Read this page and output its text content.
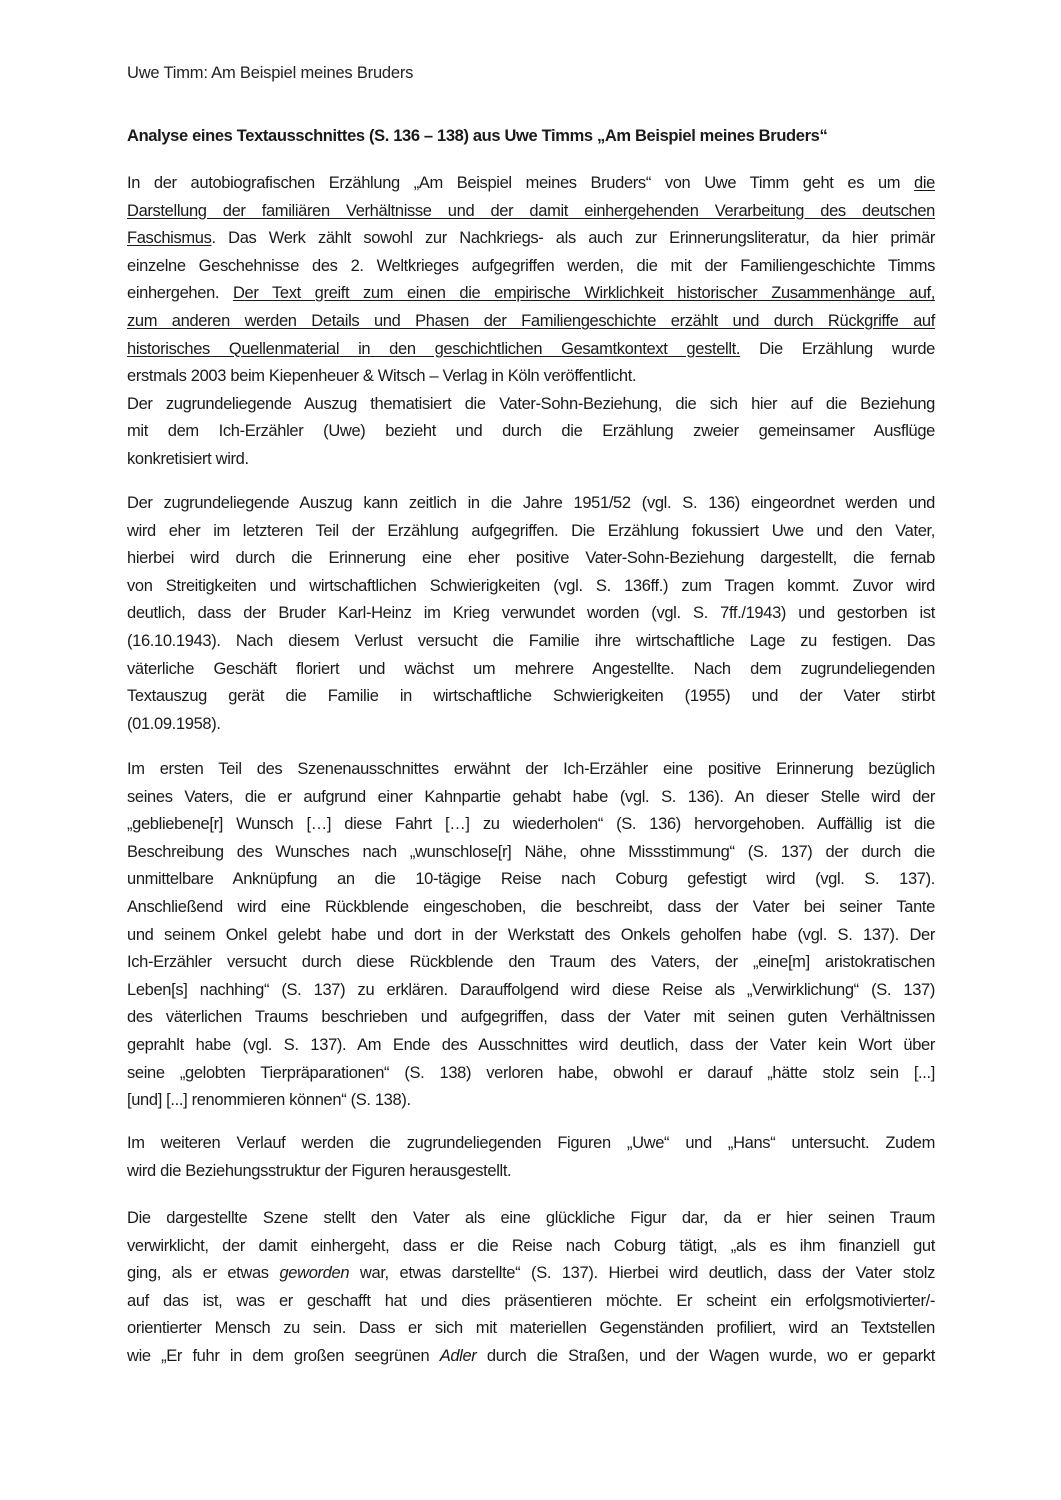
Uwe Timm: Am Beispiel meines Bruders
Analyse eines Textausschnittes (S. 136 – 138) aus Uwe Timms „Am Beispiel meines Bruders“
In der autobiografischen Erzählung „Am Beispiel meines Bruders“ von Uwe Timm geht es um die
Darstellung der familiären Verhältnisse und der damit einhergehenden Verarbeitung des deutschen
Faschismus. Das Werk zählt sowohl zur Nachkriegs- als auch zur Erinnerungsliteratur, da hier primär
einzelne Geschehnisse des 2. Weltkrieges aufgegriffen werden, die mit der Familiengeschichte Timms
einhergehen. Der Text greift zum einen die empirische Wirklichkeit historischer Zusammenhänge auf,
zum anderen werden Details und Phasen der Familiengeschichte erzählt und durch Rückgriffe auf
historisches Quellenmaterial in den geschichtlichen Gesamtkontext gestellt. Die Erzählung wurde
erstmals 2003 beim Kiepenheuer & Witsch – Verlag in Köln veröffentlicht.
Der zugrundeliegende Auszug thematisiert die Vater-Sohn-Beziehung, die sich hier auf die Beziehung
mit dem Ich-Erzähler (Uwe) bezieht und durch die Erzählung zweier gemeinsamer Ausflüge
konkretisiert wird.
Der zugrundeliegende Auszug kann zeitlich in die Jahre 1951/52 (vgl. S. 136) eingeordnet werden und
wird eher im letzteren Teil der Erzählung aufgegriffen. Die Erzählung fokussiert Uwe und den Vater,
hierbei wird durch die Erinnerung eine eher positive Vater-Sohn-Beziehung dargestellt, die fernab
von Streitigkeiten und wirtschaftlichen Schwierigkeiten (vgl. S. 136ff.) zum Tragen kommt. Zuvor wird
deutlich, dass der Bruder Karl-Heinz im Krieg verwundet worden (vgl. S. 7ff./1943) und gestorben ist
(16.10.1943). Nach diesem Verlust versucht die Familie ihre wirtschaftliche Lage zu festigen. Das
väterliche Geschäft floriert und wächst um mehrere Angestellte. Nach dem zugrundeliegenden
Textauszug gerät die Familie in wirtschaftliche Schwierigkeiten (1955) und der Vater stirbt
(01.09.1958).
Im ersten Teil des Szenenausschnittes erwähnt der Ich-Erzähler eine positive Erinnerung bezüglich
seines Vaters, die er aufgrund einer Kahnpartie gehabt habe (vgl. S. 136). An dieser Stelle wird der
„gebliebene[r] Wunsch […] diese Fahrt […] zu wiederholen“ (S. 136) hervorgehoben. Auffällig ist die
Beschreibung des Wunsches nach „wunschlose[r] Nähe, ohne Missstimmung“ (S. 137) der durch die
unmittelbare Anknüpfung an die 10-tägige Reise nach Coburg gefestigt wird (vgl. S. 137).
Anschließend wird eine Rückblende eingeschoben, die beschreibt, dass der Vater bei seiner Tante
und seinem Onkel gelebt habe und dort in der Werkstatt des Onkels geholfen habe (vgl. S. 137). Der
Ich-Erzähler versucht durch diese Rückblende den Traum des Vaters, der „eine[m] aristokratischen
Leben[s] nachhing“ (S. 137) zu erklären. Darauffolgend wird diese Reise als „Verwirklichung“ (S. 137)
des väterlichen Traums beschrieben und aufgegriffen, dass der Vater mit seinen guten Verhältnissen
geprahlt habe (vgl. S. 137). Am Ende des Ausschnittes wird deutlich, dass der Vater kein Wort über
seine „gelobten Tierpräparationen“ (S. 138) verloren habe, obwohl er darauf „hätte stolz sein [...]
[und] [...] renommieren können“ (S. 138).
Im weiteren Verlauf werden die zugrundeliegenden Figuren „Uwe“ und „Hans“ untersucht. Zudem
wird die Beziehungsstruktur der Figuren herausgestellt.
Die dargestellte Szene stellt den Vater als eine glückliche Figur dar, da er hier seinen Traum
verwirklicht, der damit einhergeht, dass er die Reise nach Coburg tätigt, „als es ihm finanziell gut
ging, als er etwas geworden war, etwas darstellte“ (S. 137). Hierbei wird deutlich, dass der Vater stolz
auf das ist, was er geschafft hat und dies präsentieren möchte. Er scheint ein erfolgsmotivierter/-
orientierter Mensch zu sein. Dass er sich mit materiellen Gegenständen profiliert, wird an Textstellen
wie „Er fuhr in dem großen seegrünen Adler durch die Straßen, und der Wagen wurde, wo er geparkt
